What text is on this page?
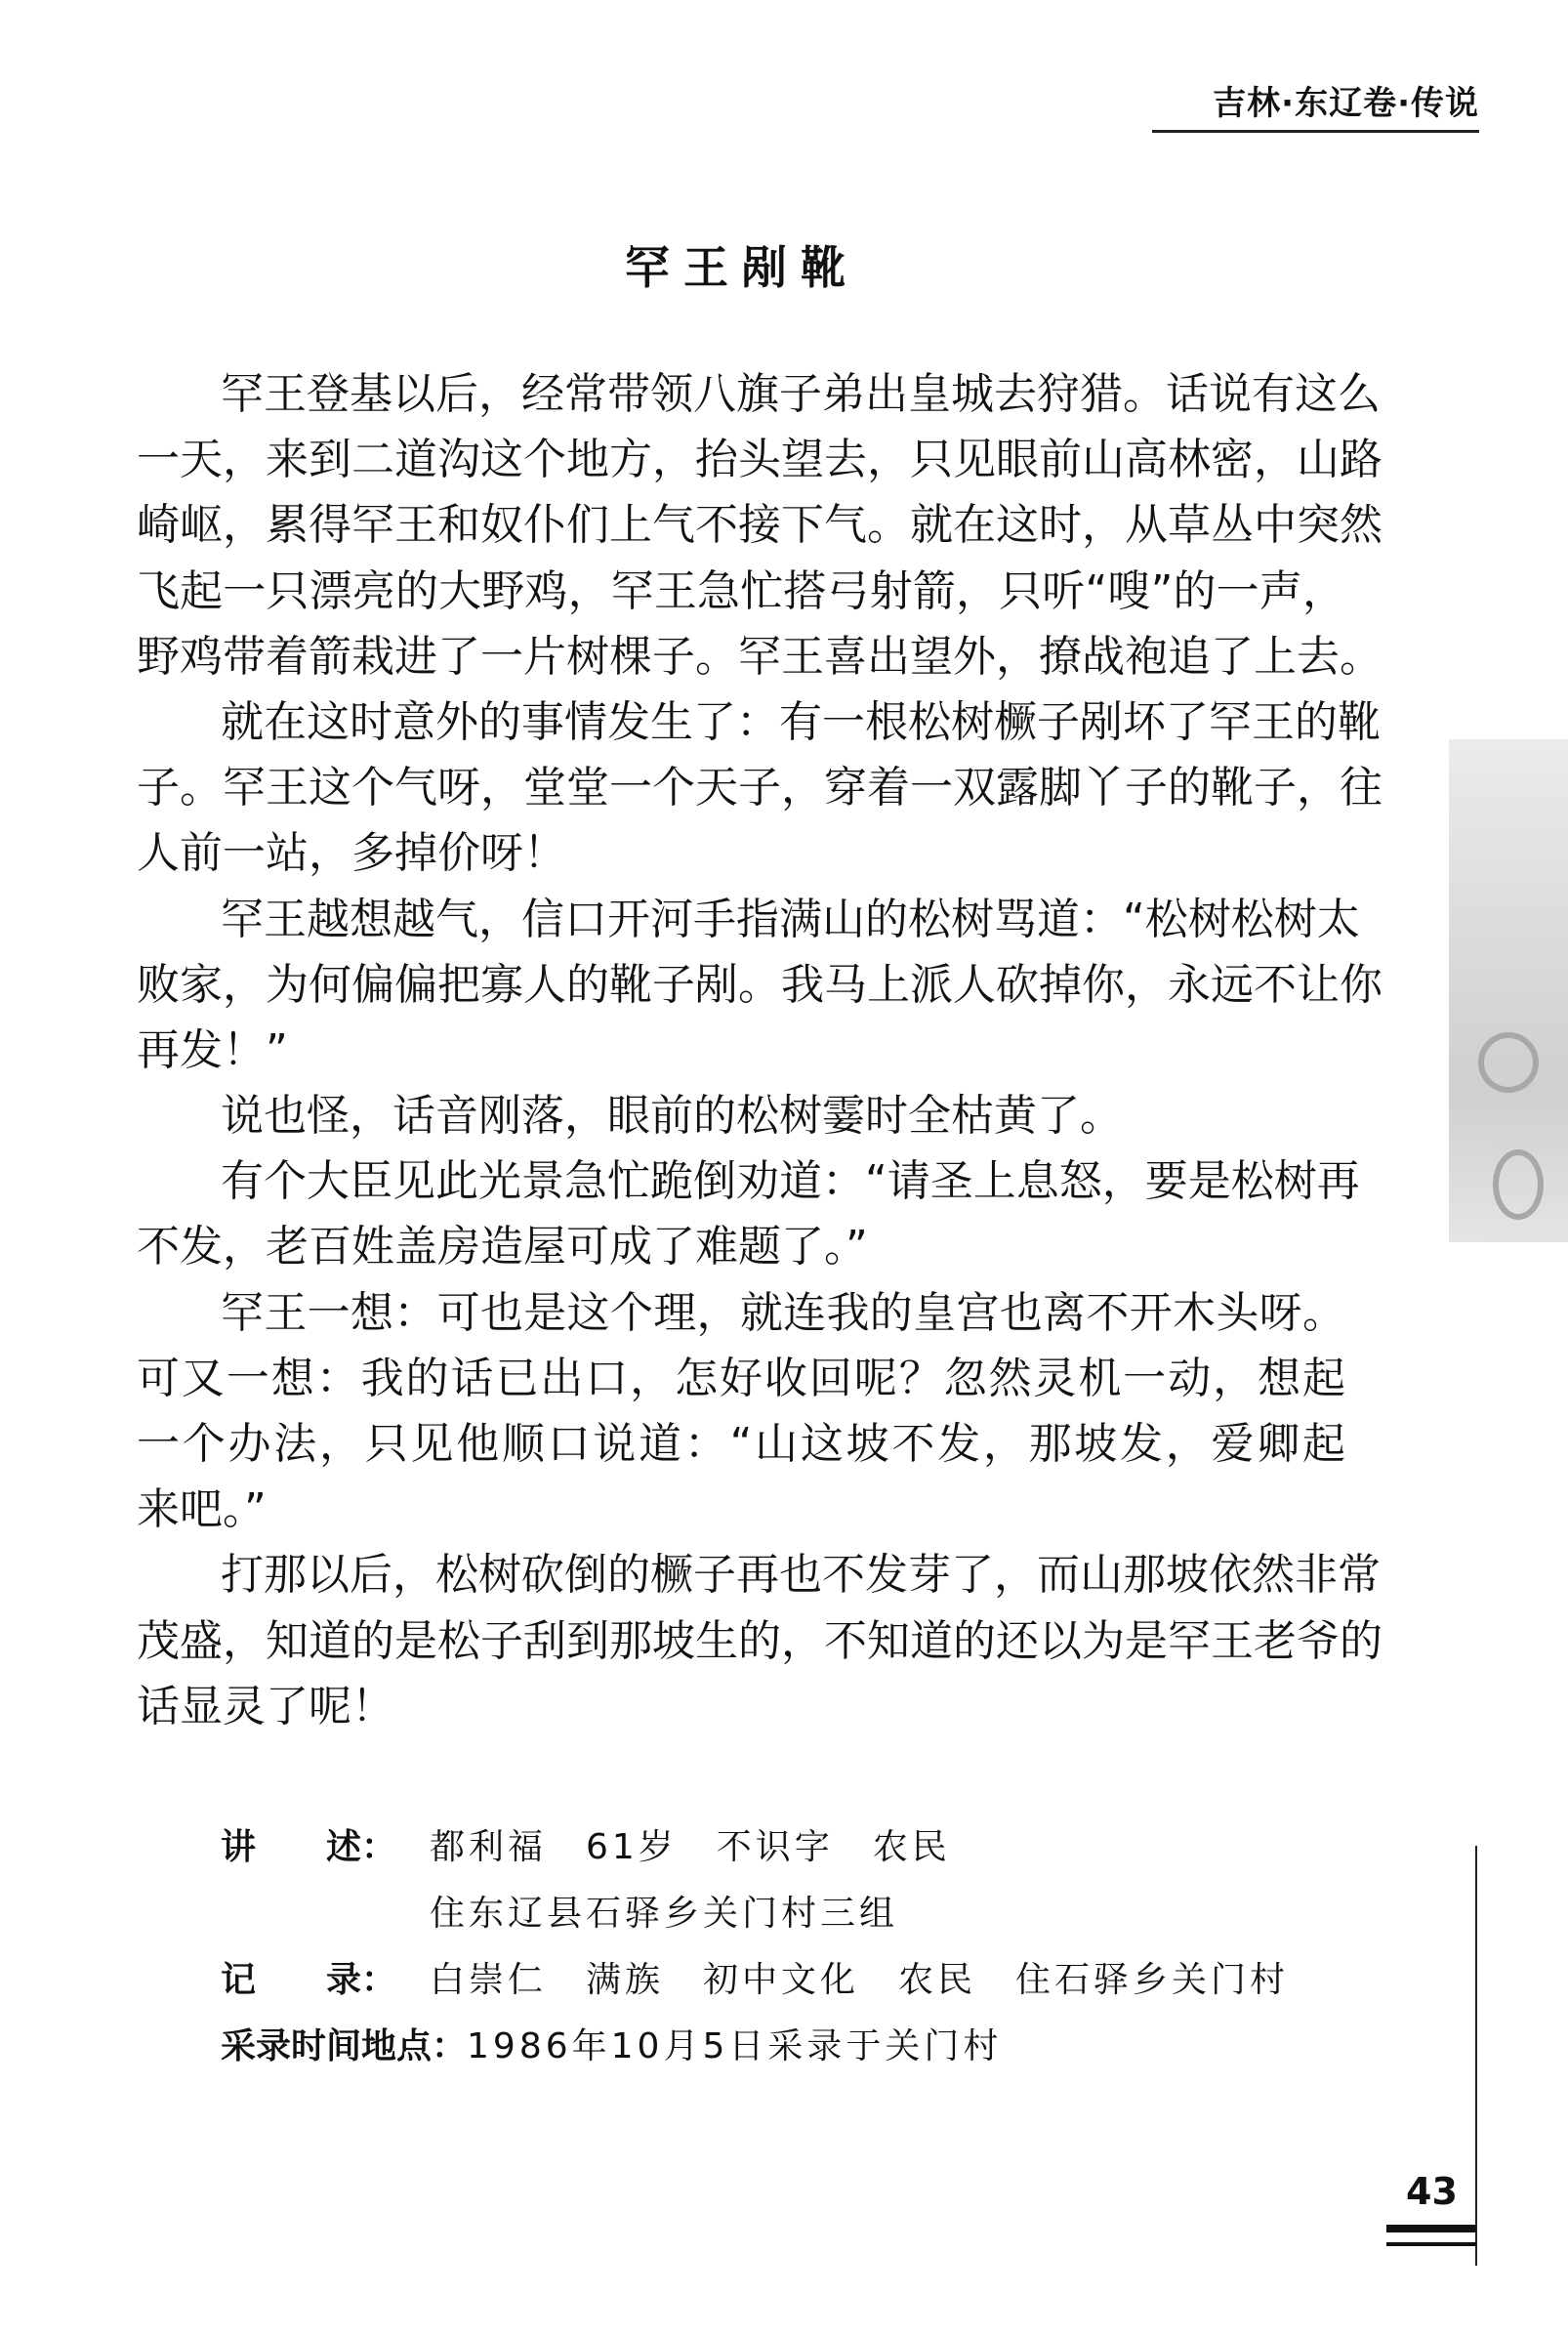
吉林·东辽卷·传说
罕王剐靴
罕王登基以后，经常带领八旗子弟出皇城去狩猎。话说有这么
一天，来到二道沟这个地方，抬头望去，只见眼前山高林密，山路
崎岖，累得罕王和奴仆们上气不接下气。就在这时，从草丛中突然
飞起一只漂亮的大野鸡，罕王急忙搭弓射箭，只听“嗖”的一声，
野鸡带着箭栽进了一片树棵子。罕王喜出望外，撩战袍追了上去。
就在这时意外的事情发生了：有一根松树橛子剐坏了罕王的靴
子。罕王这个气呀，堂堂一个天子，穿着一双露脚丫子的靴子，往
人前一站，多掉价呀！
罕王越想越气，信口开河手指满山的松树骂道：“松树松树太
败家，为何偏偏把寡人的靴子剐。我马上派人砍掉你，永远不让你
再发！”
说也怪，话音刚落，眼前的松树霎时全枯黄了。
有个大臣见此光景急忙跪倒劝道：“请圣上息怒，要是松树再
不发，老百姓盖房造屋可成了难题了。”
罕王一想：可也是这个理，就连我的皇宫也离不开木头呀。
可又一想：我的话已出口，怎好收回呢？忽然灵机一动，想起
一个办法，只见他顺口说道：“山这坡不发，那坡发，爱卿起
来吧。”
打那以后，松树砍倒的橛子再也不发芽了，而山那坡依然非常
茂盛，知道的是松子刮到那坡生的，不知道的还以为是罕王老爷的
话显灵了呢！
讲　　述： 都利福　61岁　不识字　农民
住东辽县石驿乡关门村三组
记　　录： 白崇仁　满族　初中文化　农民　住石驿乡关门村
采录时间地点：1986年10月5日采录于关门村
43
